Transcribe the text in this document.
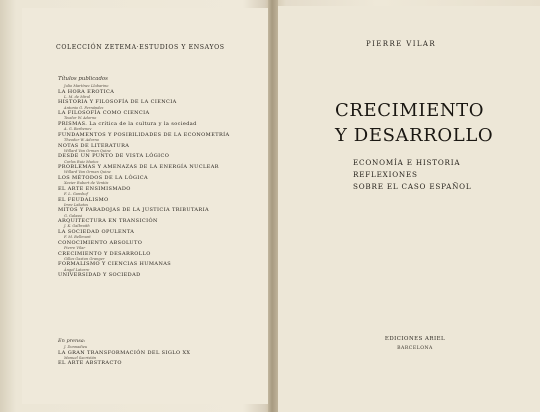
COLECCIÓN ZETEMA·ESTUDIOS Y ENSAYOS
Títulos publicados
Julio Martínez Llobarino
LA HORA EROTICA
L. M. de Miral
HISTORIA Y FILOSOFÍA DE LA CIENCIA
Antonio G. Fernández
LA FILOSOFÍA COMO CIENCIA
Teodor W. Adorno
PRISMAS. La crítica de la cultura y la sociedad
A. G. Barbenov
FUNDAMENTOS Y POSIBILIDADES DE LA ECONOMETRÍA
Theodor W. Adorno
NOTAS DE LITERATURA
Willard Van Orman Quine
DESDE UN PUNTO DE VISTA LÓGICO
Carlos Ruiz Muñoz
PROBLEMAS Y AMENAZAS DE LA ENERGÍA NUCLEAR
Willard Van Orman Quine
LOS MÉTODOS DE LA LÓGICA
Xavier Rubert de Ventós
EL ARTE ENSIMISMADO
F. L. Ganshof
EL FEUDALISMO
Imre Lakatos
MITOS Y PARADOJAS DE LA JUSTICIA TRIBUTARIA
G. Galassi
ARQUITECTURA EN TRANSICIÓN
J. K. Galbraith
LA SOCIEDAD OPULENTA
F. M. Bellmunt
CONOCIMIENTO ABSOLUTO
Pierre Vilar
CRECIMIENTO Y DESARROLLO
Gilles Gaston Granger
FORMALISMO Y CIENCIAS HUMANAS
Ángel Latorre
UNIVERSIDAD Y SOCIEDAD
En prensa:
J. Donnadieu
LA GRAN TRANSFORMACIÓN DEL SIGLO XX
Manuel Sacristán
EL ARTE ABSTRACTO
PIERRE VILAR
CRECIMIENTO
Y DESARROLLO
ECONOMÍA E HISTORIA
REFLEXIONES
SOBRE EL CASO ESPAÑOL
EDICIONES ARIEL
BARCELONA
